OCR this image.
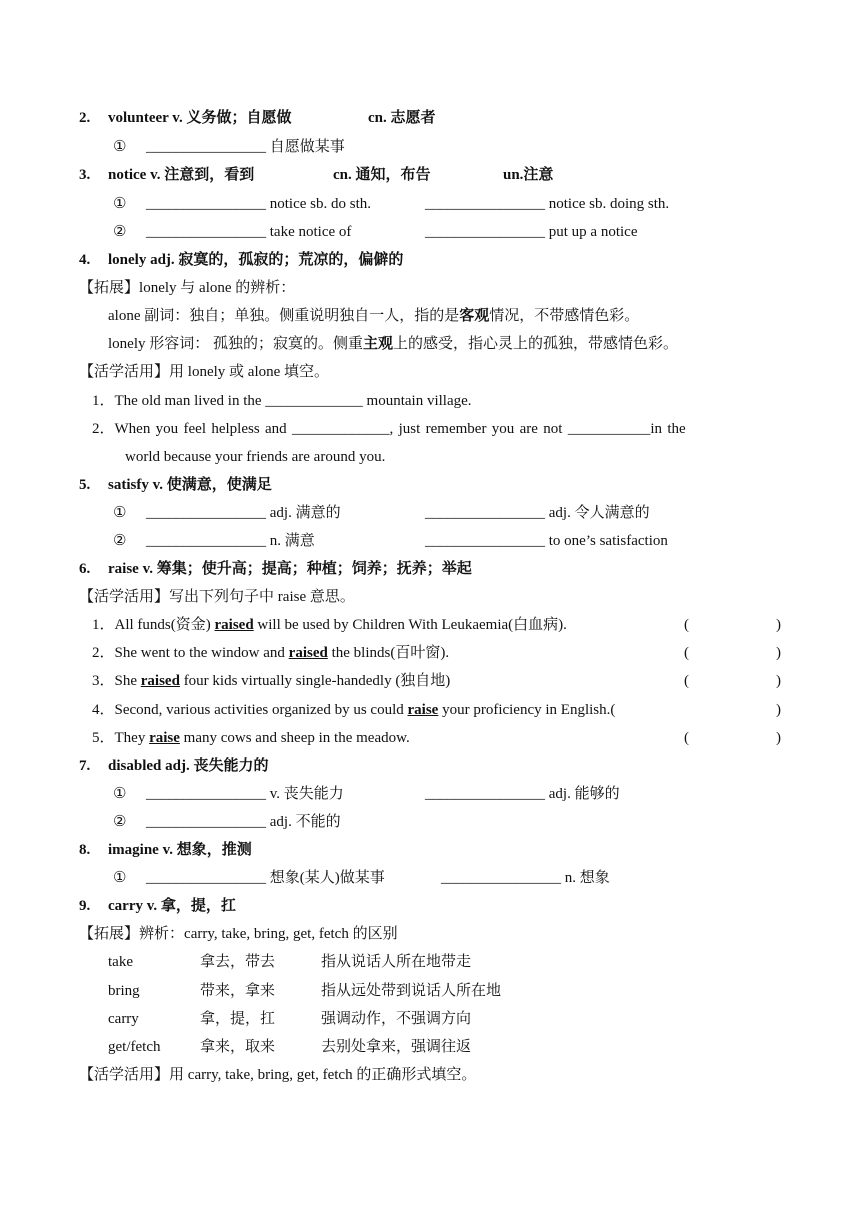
2. volunteer v. 义务做；自愿做	cn. 志愿者
① ________________ 自愿做某事
3. notice v. 注意到，看到	cn. 通知，布告	un.注意
① ________________ notice sb. do sth.	________________ notice sb. doing sth.
② ________________ take notice of	________________ put up a notice
4. lonely adj. 寂寞的，孤寂的；荒凉的，偏僻的
【拓展】lonely 与 alone 的辨析：
alone 副词：独自；单独。侧重说明独自一人，指的是客观情况，不带感情色彩。
lonely 形容词： 孤独的；寂寞的。侧重主观上的感受，指心灵上的孤独，带感情色彩。
【活学活用】用 lonely 或 alone 填空。
1．The old man lived in the _____________ mountain village.
2．When you feel helpless and _____________, just remember you are not ___________in the
world because your friends are around you.
5. satisfy v. 使满意，使满足
① ________________ adj. 满意的	________________ adj. 令人满意的
② ________________ n. 满意	________________ to one’s satisfaction
6. raise v. 筹集；使升高；提高；种植；饲养；抚养；举起
【活学活用】写出下列句子中 raise 意思。
1．All funds(资金) raised will be used by Children With Leukaemia(白血病).	(	)
2．She went to the window and raised the blinds(百叶窗).	(	)
3．She raised four kids virtually single-handedly (独自地)	(	)
4．Second, various activities organized by us could raise your proficiency in English.(	)
5．They raise many cows and sheep in the meadow.	(	)
7. disabled adj. 丧失能力的
① ________________ v. 丧失能力	________________ adj. 能够的
② ________________ adj. 不能的
8. imagine v. 想象，推测
① ________________ 想象(某人)做某事	________________ n. 想象
9. carry v. 拿，提，扛
【拓展】辨析：carry, take, bring, get, fetch 的区别
take	拿去，带去	指从说话人所在地带走
bring	带来，拿来	指从远处带到说话人所在地
carry	拿，提，扛	强调动作，不强调方向
get/fetch	拿来，取来	去别处拿来，强调往返
【活学活用】用 carry, take, bring, get, fetch 的正确形式填空。
